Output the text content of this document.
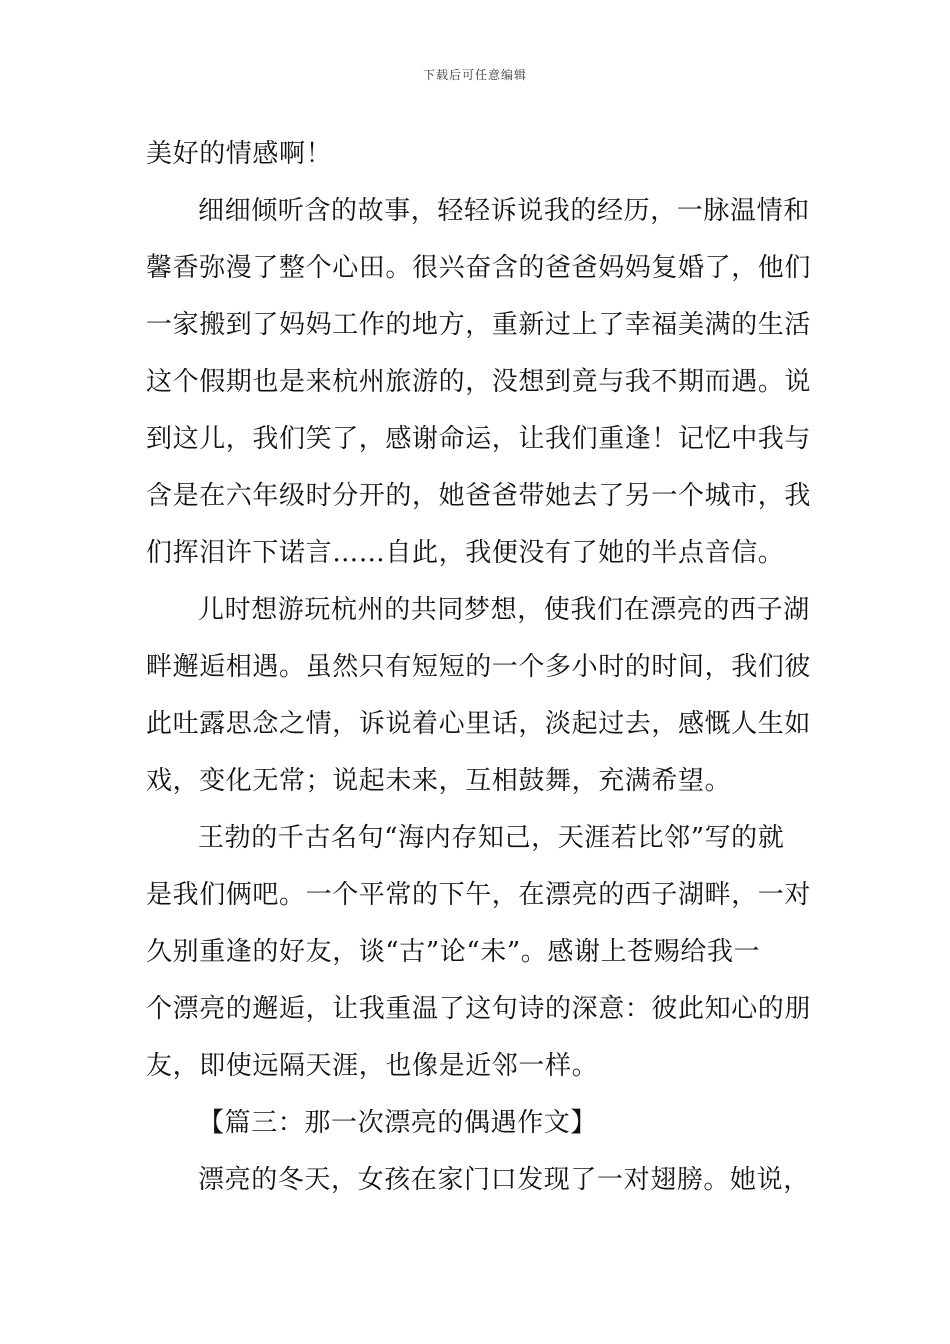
下载后可任意编辑
美好的情感啊！
细细倾听含的故事，轻轻诉说我的经历，一脉温情和
馨香弥漫了整个心田。很兴奋含的爸爸妈妈复婚了，他们
一家搬到了妈妈工作的地方，重新过上了幸福美满的生活
这个假期也是来杭州旅游的，没想到竟与我不期而遇。说
到这儿，我们笑了，感谢命运，让我们重逢！记忆中我与
含是在六年级时分开的，她爸爸带她去了另一个城市，我
们挥泪许下诺言……自此，我便没有了她的半点音信。
儿时想游玩杭州的共同梦想，使我们在漂亮的西子湖
畔邂逅相遇。虽然只有短短的一个多小时的时间，我们彼
此吐露思念之情，诉说着心里话，淡起过去，感慨人生如
戏，变化无常；说起未来，互相鼓舞，充满希望。
王勃的千古名句“海内存知己，天涯若比邻”写的就
是我们俩吧。一个平常的下午，在漂亮的西子湖畔，一对
久别重逢的好友，谈“古”论“未”。感谢上苍赐给我一
个漂亮的邂逅，让我重温了这句诗的深意：彼此知心的朋
友，即使远隔天涯，也像是近邻一样。
【篇三：那一次漂亮的偶遇作文】
漂亮的冬天，女孩在家门口发现了一对翅膀。她说，
